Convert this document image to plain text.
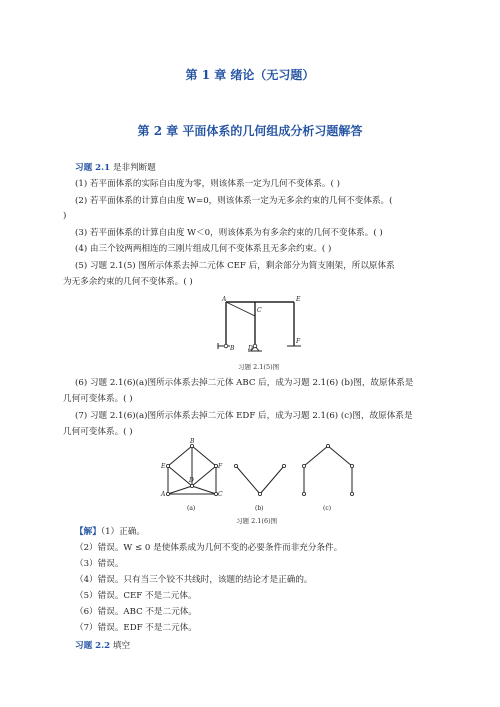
第 1 章 绪论（无习题）
第 2 章 平面体系的几何组成分析习题解答
习题 2.1 是非判断题
(1) 若平面体系的实际自由度为零，则该体系一定为几何不变体系。( )
(2) 若平面体系的计算自由度 W=0，则该体系一定为无多余约束的几何不变体系。(
)
(3) 若平面体系的计算自由度 W＜0，则该体系为有多余约束的几何不变体系。( )
(4) 由三个铰两两相连的三刚片组成几何不变体系且无多余约束。( )
(5) 习题 2.1(5) 图所示体系去掉二元体 CEF 后，剩余部分为简支刚架，所以原体系
为无多余约束的几何不变体系。( )
A
B
C
D
E
F
习题 2.1(5)图
(6) 习题 2.1(6)(a)图所示体系去掉二元体 ABC 后，成为习题 2.1(6) (b)图，故原体系是
几何可变体系。( )
(7) 习题 2.1(6)(a)图所示体系去掉二元体 EDF 后，成为习题 2.1(6) (c)图，故原体系是
几何可变体系。( )
B
E	F
A	C
D
(a)	(b)	(c)
习题 2.1(6)图
【解】（1）正确。
（2）错误。W ≤ 0 是使体系成为几何不变的必要条件而非充分条件。
（3）错误。
（4）错误。只有当三个铰不共线时，该题的结论才是正确的。
（5）错误。CEF 不是二元体。
（6）错误。ABC 不是二元体。
（7）错误。EDF 不是二元体。
习题 2.2 填空
